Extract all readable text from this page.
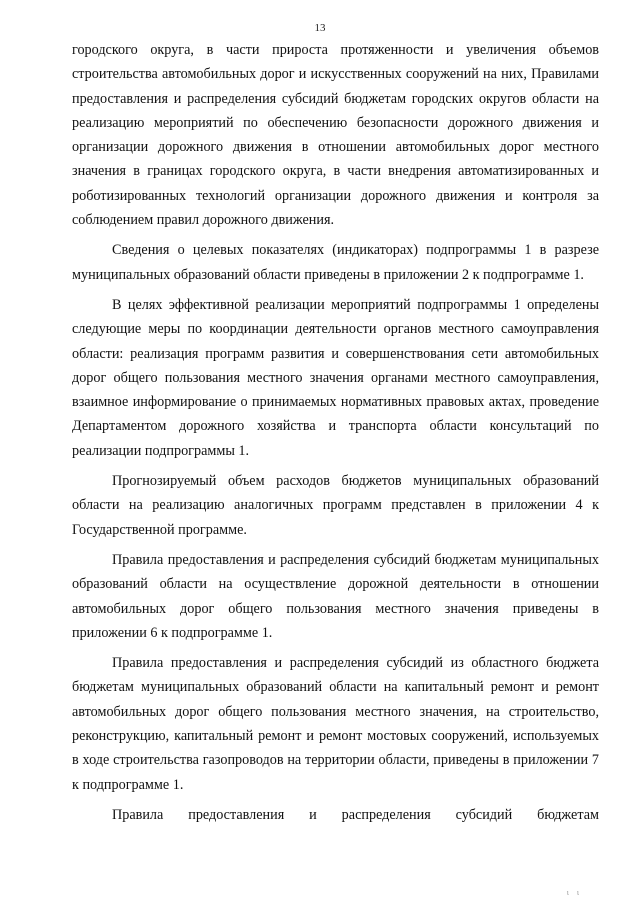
13

городского округа, в части прироста протяженности и увеличения объемов строительства автомобильных дорог и искусственных сооружений на них, Правилами предоставления и распределения субсидий бюджетам городских округов области на реализацию мероприятий по обеспечению безопасности дорожного движения и организации дорожного движения в отношении автомобильных дорог местного значения в границах городского округа, в части внедрения автоматизированных и роботизированных технологий организации дорожного движения и контроля за соблюдением правил дорожного движения.

Сведения о целевых показателях (индикаторах) подпрограммы 1 в разрезе муниципальных образований области приведены в приложении 2 к подпрограмме 1.

В целях эффективной реализации мероприятий подпрограммы 1 определены следующие меры по координации деятельности органов местного самоуправления области: реализация программ развития и совершенствования сети автомобильных дорог общего пользования местного значения органами местного самоуправления, взаимное информирование о принимаемых нормативных правовых актах, проведение Департаментом дорожного хозяйства и транспорта области консультаций по реализации подпрограммы 1.

Прогнозируемый объем расходов бюджетов муниципальных образований области на реализацию аналогичных программ представлен в приложении 4 к Государственной программе.

Правила предоставления и распределения субсидий бюджетам муниципальных образований области на осуществление дорожной деятельности в отношении автомобильных дорог общего пользования местного значения приведены в приложении 6 к подпрограмме 1.

Правила предоставления и распределения субсидий из областного бюджета бюджетам муниципальных образований области на капитальный ремонт и ремонт автомобильных дорог общего пользования местного значения, на строительство, реконструкцию, капитальный ремонт и ремонт мостовых сооружений, используемых в ходе строительства газопроводов на территории области, приведены в приложении 7 к подпрограмме 1.

Правила предоставления и распределения субсидий бюджетам

ι ι
